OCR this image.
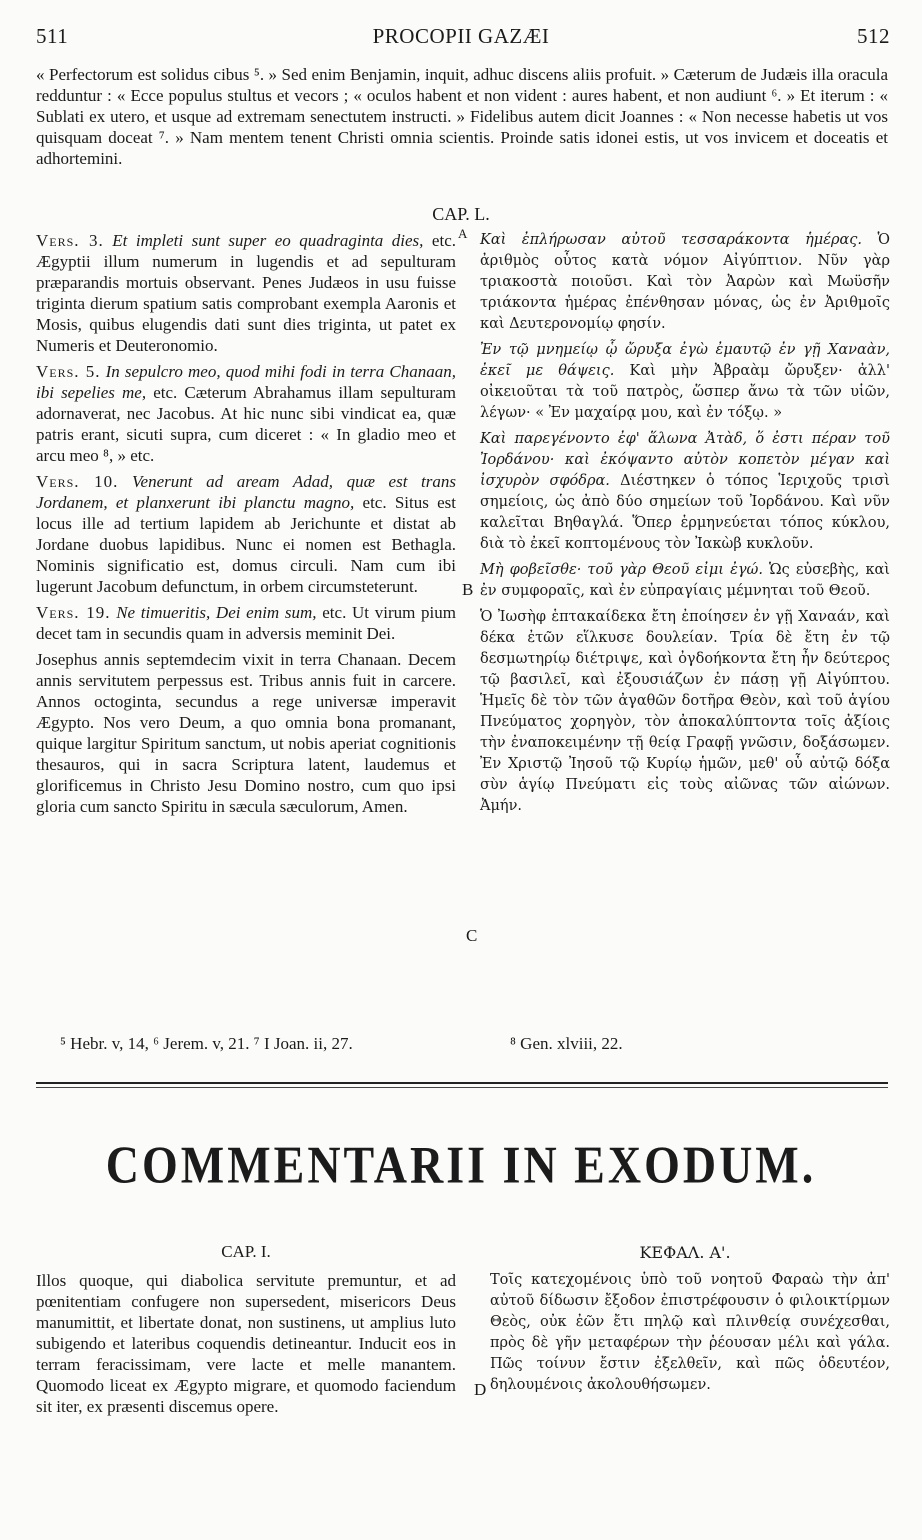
511	PROCOPII GAZÆI	512
« Perfectorum est solidus cibus ⁵. » Sed enim Benjamin, inquit, adhuc discens aliis profuit. » Cæterum de Judæis illa oracula redduntur : « Ecce populus stultus et vecors ; « oculos habent et non vident : aures habent, et non audiunt ⁶. » Et iterum : « Sublati ex utero, et usque ad extremam senectutem instructi. » Fidelibus autem dicit Joannes : « Non necesse habetis ut vos quisquam doceat ⁷. » Nam mentem tenent Christi omnia scientis. Proinde satis idonei estis, ut vos invicem et doceatis et adhortemini.
CAP. L.

Vers. 3. Et impleti sunt super eo quadraginta dies, etc. Ægyptii illum numerum in lugendis et ad sepulturam præparandis mortuis observant. Penes Judæos in usu fuisse triginta dierum spatium satis comprobant exempla Aaronis et Mosis, quibus elugendis dati sunt dies triginta, ut patet ex Numeris et Deuteronomio.

Vers. 5. In sepulcro meo, quod mihi fodi in terra Chanaan, ibi sepelies me, etc. Cæterum Abrahamus illam sepulturam adornaverat, nec Jacobus. At hic nunc sibi vindicat ea, quæ patris erant, sicuti supra, cum diceret : « In gladio meo et arcu meo ⁸, » etc.

Vers. 10. Venerunt ad aream Adad, quæ est trans Jordanem, et planxerunt ibi planctu magno, etc. Situs est locus ille ad tertium lapidem ab Jerichunte et distat ab Jordane duobus lapidibus. Nunc ei nomen est Bethagla. Nominis significatio est, domus circuli. Nam cum ibi lugerunt Jacobum defunctum, in orbem circumsteterunt.

Vers. 19. Ne timueritis, Dei enim sum, etc. Ut virum pium decet tam in secundis quam in adversis meminit Dei.

Josephus annis septemdecim vixit in terra Chanaan. Decem annis servitutem perpessus est. Tribus annis fuit in carcere. Annos octoginta, secundus a rege universæ imperavit Ægypto. Nos vero Deum, a quo omnia bona promanant, quique largitur Spiritum sanctum, ut nobis aperiat cognitionis thesauros, qui in sacra Scriptura latent, laudemus et glorificemus in Christo Jesu Domino nostro, cum quo ipsi gloria cum sancto Spiritu in sæcula sæculorum, Amen.

A
B
C
D

Καὶ ἐπλήρωσαν αὐτοῦ τεσσαράκοντα ἡμέρας. Ὁ ἀριθμὸς οὗτος κατὰ νόμον Αἰγύπτιον. Νῦν γὰρ τριακοστὰ ποιοῦσι. Καὶ τὸν Ἀαρὼν καὶ Μωϋσῆν τριάκοντα ἡμέρας ἐπένθησαν μόνας, ὡς ἐν Ἀριθμοῖς καὶ Δευτερονομίῳ φησίν.

Ἐν τῷ μνημείῳ ᾧ ὤρυξα ἐγὼ ἐμαυτῷ ἐν γῇ Χαναὰν, ἐκεῖ με θάψεις. Καὶ μὴν Ἀβραὰμ ὤρυξεν· ἀλλ' οἰκειοῦται τὰ τοῦ πατρὸς, ὥσπερ ἄνω τὰ τῶν υἱῶν, λέγων· « Ἐν μαχαίρᾳ μου, καὶ ἐν τόξῳ. »

Καὶ παρεγένοντο ἐφ' ἅλωνα Ἀτὰδ, ὅ ἐστι πέραν τοῦ Ἰορδάνου· καὶ ἐκόψαντο αὐτὸν κοπετὸν μέγαν καὶ ἰσχυρὸν σφόδρα. Διέστηκεν ὁ τόπος Ἱεριχοῦς τρισὶ σημείοις, ὡς ἀπὸ δύο σημείων τοῦ Ἰορδάνου. Καὶ νῦν καλεῖται Βηθαγλά. Ὅπερ ἑρμηνεύεται τόπος κύκλου, διὰ τὸ ἐκεῖ κοπτομένους τὸν Ἰακὼβ κυκλοῦν.

Μὴ φοβεῖσθε· τοῦ γὰρ Θεοῦ εἰμι ἐγώ. Ὡς εὐσεβὴς, καὶ ἐν συμφοραῖς, καὶ ἐν εὐπραγίαις μέμνηται τοῦ Θεοῦ.

Ὁ Ἰωσὴφ ἑπτακαίδεκα ἔτη ἐποίησεν ἐν γῇ Χαναάν, καὶ δέκα ἐτῶν εἵλκυσε δουλείαν. Τρία δὲ ἔτη ἐν τῷ δεσμωτηρίῳ διέτριψε, καὶ ὀγδοήκοντα ἔτη ἦν δεύτερος τῷ βασιλεῖ, καὶ ἐξουσιάζων ἐν πάσῃ γῇ Αἰγύπτου. Ἡμεῖς δὲ τὸν τῶν ἀγαθῶν δοτῆρα Θεὸν, καὶ τοῦ ἁγίου Πνεύματος χορηγὸν, τὸν ἀποκαλύπτοντα τοῖς ἀξίοις τὴν ἐναποκειμένην τῇ θείᾳ Γραφῇ γνῶσιν, δοξάσωμεν. Ἐν Χριστῷ Ἰησοῦ τῷ Κυρίῳ ἡμῶν, μεθ' οὗ αὐτῷ δόξα σὺν ἁγίῳ Πνεύματι εἰς τοὺς αἰῶνας τῶν αἰώνων. Ἀμήν.

⁵ Hebr. v, 14, ⁶ Jerem. v, 21. ⁷ I Joan. ii, 27.	⁸ Gen. xlviii, 22.
COMMENTARII IN EXODUM.
CAP. I.	ΚΕΦΑΛ. Α'.
Illos quoque, qui diabolica servitute premuntur, et ad pœnitentiam confugere non supersedent, misericors Deus manumittit, et libertate donat, non sustinens, ut amplius luto subigendo et lateribus coquendis detineantur. Inducit eos in terram feracissimam, vere lacte et melle manantem. Quomodo liceat ex Ægypto migrare, et quomodo faciendum sit iter, ex præsenti discemus opere.
Τοῖς κατεχομένοις ὑπὸ τοῦ νοητοῦ Φαραὼ τὴν ἀπ' αὐτοῦ δίδωσιν ἔξοδον ἐπιστρέφουσιν ὁ φιλοικτίρμων Θεὸς, οὐκ ἐῶν ἔτι πηλῷ καὶ πλινθείᾳ συνέχεσθαι, πρὸς δὲ γῆν μεταφέρων τὴν ῥέουσαν μέλι καὶ γάλα. Πῶς τοίνυν ἔστιν ἐξελθεῖν, καὶ πῶς ὁδευτέον, δηλουμένοις ἀκολουθήσωμεν.
